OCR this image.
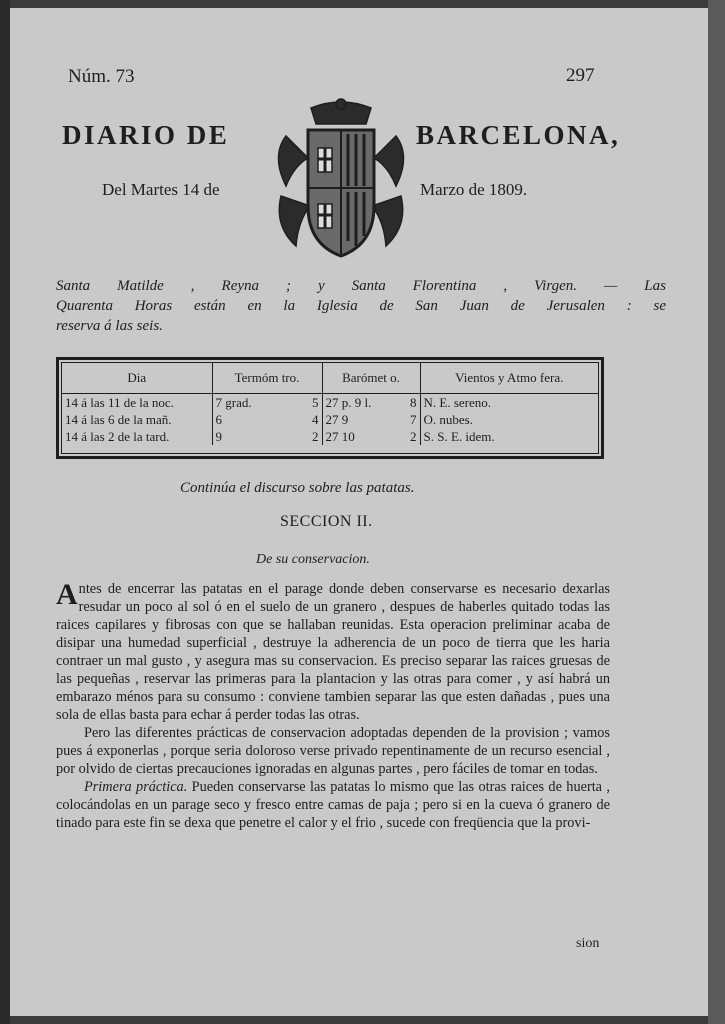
Núm. 73	297
DIARIO DE	BARCELONA,
Del Martes 14 de	Marzo de 1809.
Santa Matilde , Reyna ; y Santa Florentina , Virgen. — Las
Quarenta Horas están en la Iglesia de San Juan de Jerusalen : se
reserva á las seis.
Dia	Termóm tro.	Barómet o.	Vientos y Atmo fera.
14 á las 11 de la noc.	7 grad. 5	27 p. 9 l. 8	N. E. sereno.
14 á las 6 de la mañ.	6 4	27 9 7	O. nubes.
14 á las 2 de la tard.	9 2	27 10 2	S. S. E. idem.
Continúa el discurso sobre las patatas.
SECCION II.
De su conservacion.

Antes de encerrar las patatas en el parage donde deben conservarse es necesario dexarlas resudar un poco al sol ó en el suelo de un granero , despues de haberles quitado todas las raices capilares y fibrosas con que se hallaban reunidas. Esta operacion preliminar acaba de disipar una humedad superficial , destruye la adherencia de un poco de tierra que les haria contraer un mal gusto , y asegura mas su conservacion. Es preciso separar las raices gruesas de las pequeñas , reservar las primeras para la plantacion y las otras para comer , y así habrá un embarazo ménos para su consumo : conviene tambien separar las que esten dañadas , pues una sola de ellas basta para echar á perder todas las otras.

Pero las diferentes prácticas de conservacion adoptadas dependen de la provision ; vamos pues á exponerlas , porque seria doloroso verse privado repentinamente de un recurso esencial , por olvido de ciertas precauciones ignoradas en algunas partes , pero fáciles de tomar en todas.

Primera práctica. Pueden conservarse las patatas lo mismo que las otras raices de huerta , colocándolas en un parage seco y fresco entre camas de paja ; pero si en la cueva ó granero de tinado para este fin se dexa que penetre el calor y el frio , sucede con freqüencia que la provi-

sion
